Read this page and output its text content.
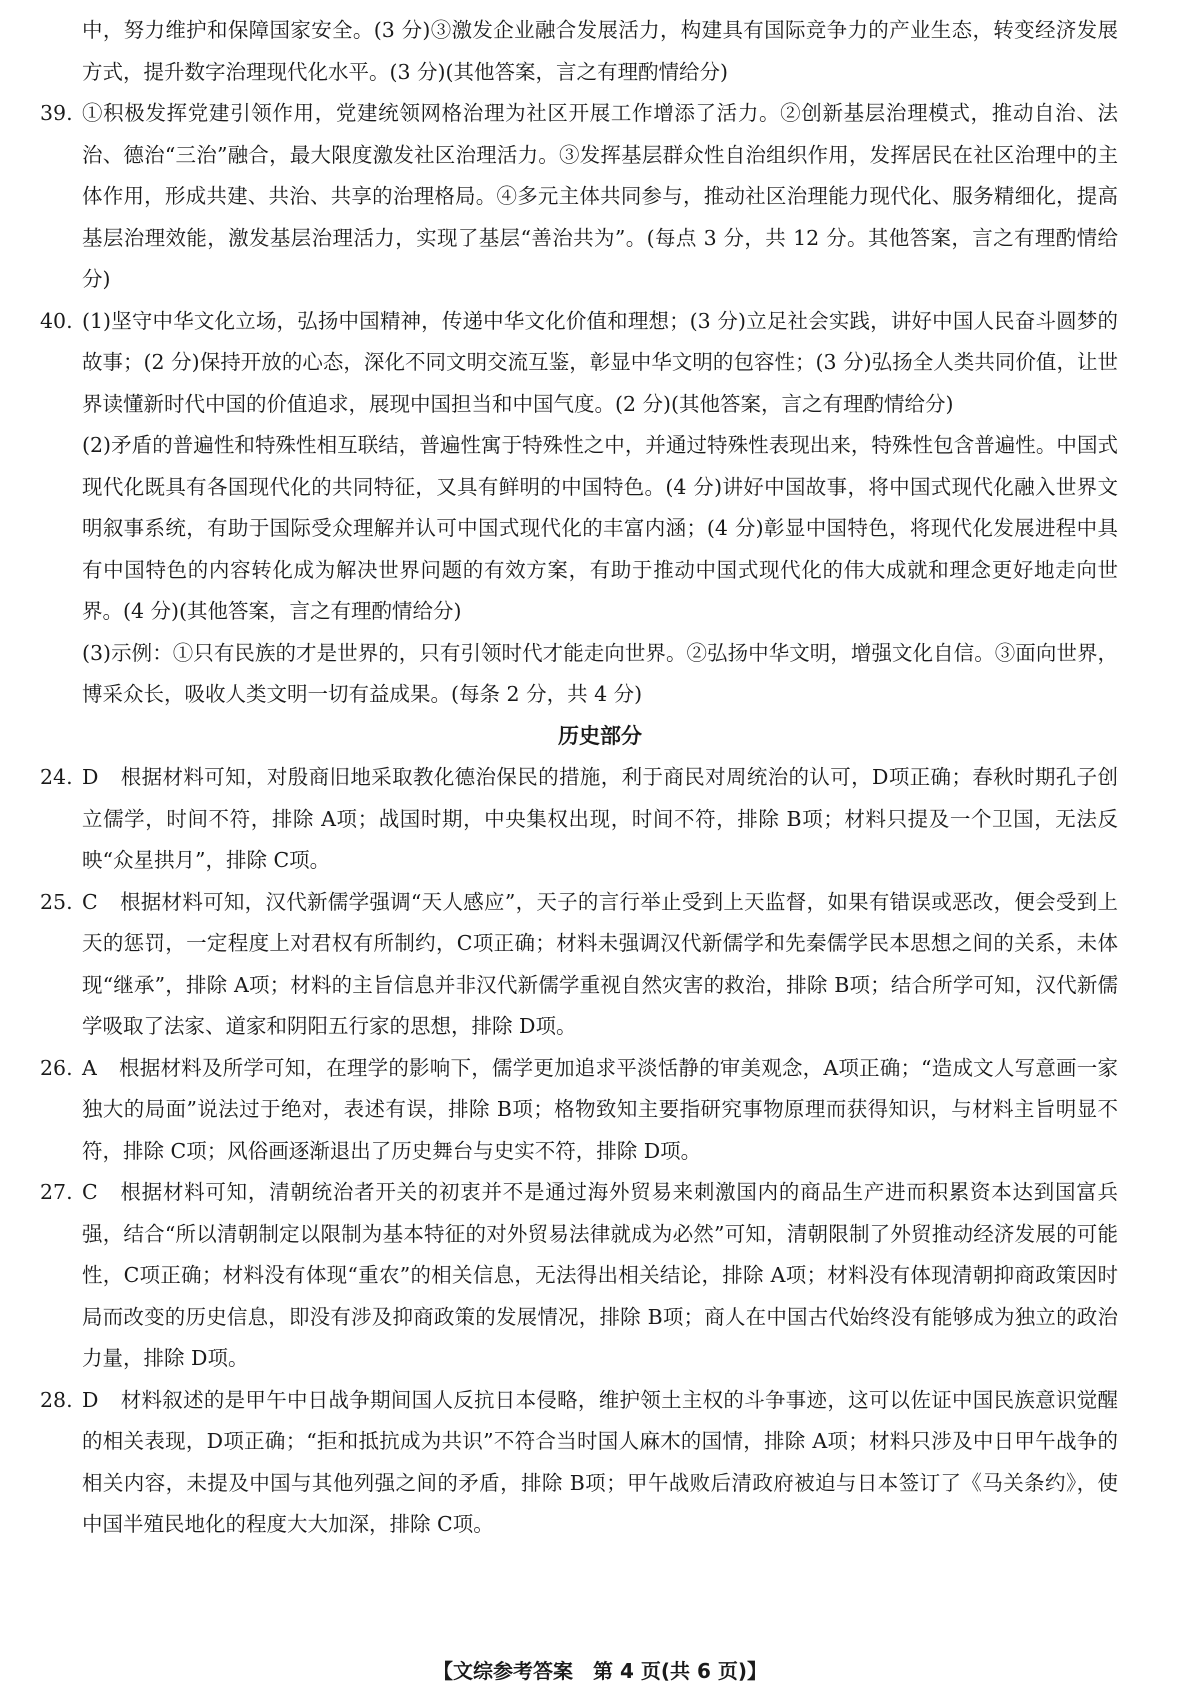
中，努力维护和保障国家安全。(3 分)③激发企业融合发展活力，构建具有国际竞争力的产业生态，转变经济发展方式，提升数字治理现代化水平。(3 分)(其他答案，言之有理酌情给分)

39. ①积极发挥党建引领作用，党建统领网格治理为社区开展工作增添了活力。②创新基层治理模式，推动自治、法治、德治“三治”融合，最大限度激发社区治理活力。③发挥基层群众性自治组织作用，发挥居民在社区治理中的主体作用，形成共建、共治、共享的治理格局。④多元主体共同参与，推动社区治理能力现代化、服务精细化，提高基层治理效能，激发基层治理活力，实现了基层“善治共为”。(每点 3 分，共 12 分。其他答案，言之有理酌情给分)

40. (1)坚守中华文化立场，弘扬中国精神，传递中华文化价值和理想；(3 分)立足社会实践，讲好中国人民奋斗圆梦的故事；(2 分)保持开放的心态，深化不同文明交流互鉴，彰显中华文明的包容性；(3 分)弘扬全人类共同价值，让世界读懂新时代中国的价值追求，展现中国担当和中国气度。(2 分)(其他答案，言之有理酌情给分)

(2)矛盾的普遍性和特殊性相互联结，普遍性寓于特殊性之中，并通过特殊性表现出来，特殊性包含普遍性。中国式现代化既具有各国现代化的共同特征，又具有鲜明的中国特色。(4 分)讲好中国故事，将中国式现代化融入世界文明叙事系统，有助于国际受众理解并认可中国式现代化的丰富内涵；(4 分)彰显中国特色，将现代化发展进程中具有中国特色的内容转化成为解决世界问题的有效方案，有助于推动中国式现代化的伟大成就和理念更好地走向世界。(4 分)(其他答案，言之有理酌情给分)

(3)示例：①只有民族的才是世界的，只有引领时代才能走向世界。②弘扬中华文明，增强文化自信。③面向世界，博采众长，吸收人类文明一切有益成果。(每条 2 分，共 4 分)

历史部分

24. D 根据材料可知，对殷商旧地采取教化德治保民的措施，利于商民对周统治的认可，D项正确；春秋时期孔子创立儒学，时间不符，排除 A项；战国时期，中央集权出现，时间不符，排除 B项；材料只提及一个卫国，无法反映“众星拱月”，排除 C项。

25. C 根据材料可知，汉代新儒学强调“天人感应”，天子的言行举止受到上天监督，如果有错误或恶改，便会受到上天的惩罚，一定程度上对君权有所制约，C项正确；材料未强调汉代新儒学和先秦儒学民本思想之间的关系，未体现“继承”，排除 A项；材料的主旨信息并非汉代新儒学重视自然灾害的救治，排除 B项；结合所学可知，汉代新儒学吸取了法家、道家和阴阳五行家的思想，排除 D项。

26. A 根据材料及所学可知，在理学的影响下，儒学更加追求平淡恬静的审美观念，A项正确；“造成文人写意画一家独大的局面”说法过于绝对，表述有误，排除 B项；格物致知主要指研究事物原理而获得知识，与材料主旨明显不符，排除 C项；风俗画逐渐退出了历史舞台与史实不符，排除 D项。

27. C 根据材料可知，清朝统治者开关的初衷并不是通过海外贸易来刺激国内的商品生产进而积累资本达到国富兵强，结合“所以清朝制定以限制为基本特征的对外贸易法律就成为必然”可知，清朝限制了外贸推动经济发展的可能性，C项正确；材料没有体现“重农”的相关信息，无法得出相关结论，排除 A项；材料没有体现清朝抑商政策因时局而改变的历史信息，即没有涉及抑商政策的发展情况，排除 B项；商人在中国古代始终没有能够成为独立的政治力量，排除 D项。

28. D 材料叙述的是甲午中日战争期间国人反抗日本侵略，维护领土主权的斗争事迹，这可以佐证中国民族意识觉醒的相关表现，D项正确；“拒和抵抗成为共识”不符合当时国人麻木的国情，排除 A项；材料只涉及中日甲午战争的相关内容，未提及中国与其他列强之间的矛盾，排除 B项；甲午战败后清政府被迫与日本签订了《马关条约》，使中国半殖民地化的程度大大加深，排除 C项。

【文综参考答案　第 4 页(共 6 页)】
